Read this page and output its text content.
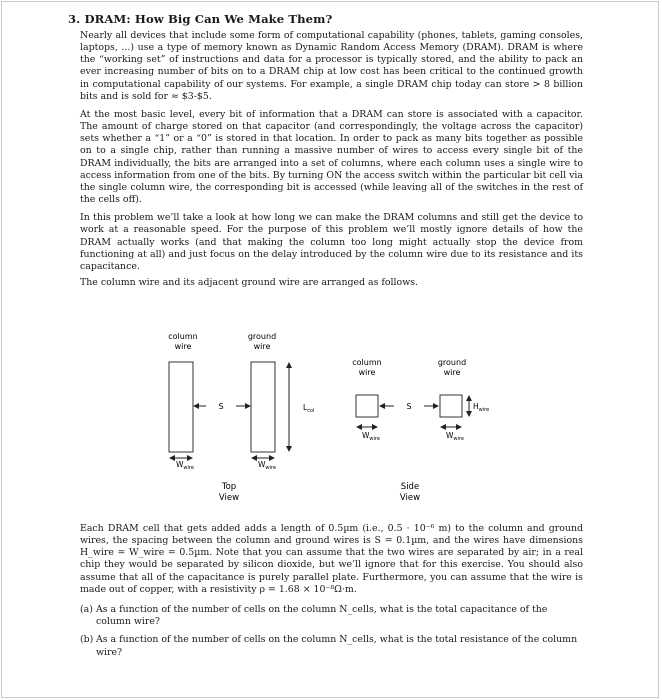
3. DRAM: How Big Can We Make Them?

Nearly all devices that include some form of computational capability (phones, tablets, gaming consoles, laptops, ...) use a type of memory known as Dynamic Random Access Memory (DRAM). DRAM is where the “working set” of instructions and data for a processor is typically stored, and the ability to pack an ever increasing number of bits on to a DRAM chip at low cost has been critical to the continued growth in computational capability of our systems. For example, a single DRAM chip today can store > 8 billion bits and is sold for ≈ $3-$5.

At the most basic level, every bit of information that a DRAM can store is associated with a capacitor. The amount of charge stored on that capacitor (and correspondingly, the voltage across the capacitor) sets whether a “1” or a “0” is stored in that location. In order to pack as many bits together as possible on to a single chip, rather than running a massive number of wires to access every single bit of the DRAM individually, the bits are arranged into a set of columns, where each column uses a single wire to access information from one of the bits. By turning ON the access switch within the particular bit cell via the single column wire, the corresponding bit is accessed (while leaving all of the switches in the rest of the cells off).

In this problem we’ll take a look at how long we can make the DRAM columns and still get the device to work at a reasonable speed. For the purpose of this problem we’ll mostly ignore details of how the DRAM actually works (and that making the column too long might actually stop the device from functioning at all) and just focus on the delay introduced by the column wire due to its resistance and its capacitance.

The column wire and its adjacent ground wire are arranged as follows.

column
wire
ground
wire
S	$L_{col}$
$W_{wire}$	$W_{wire}$
Top
View
column
wire
ground
wire
S	$H_{wire}$
$W_{wire}$	$W_{wire}$
Side
View

Each DRAM cell that gets added adds a length of 0.5µm (i.e., 0.5 · 10⁻⁶ m) to the column and ground wires, the spacing between the column and ground wires is S = 0.1µm, and the wires have dimensions H_wire = W_wire = 0.5µm. Note that you can assume that the two wires are separated by air; in a real chip they would be separated by silicon dioxide, but we’ll ignore that for this exercise. You should also assume that all of the capacitance is purely parallel plate. Furthermore, you can assume that the wire is made out of copper, with a resistivity ρ = 1.68 × 10⁻⁸Ω·m.

(a) As a function of the number of cells on the column N_cells, what is the total capacitance of the column wire?
(b) As a function of the number of cells on the column N_cells, what is the total resistance of the column wire?
